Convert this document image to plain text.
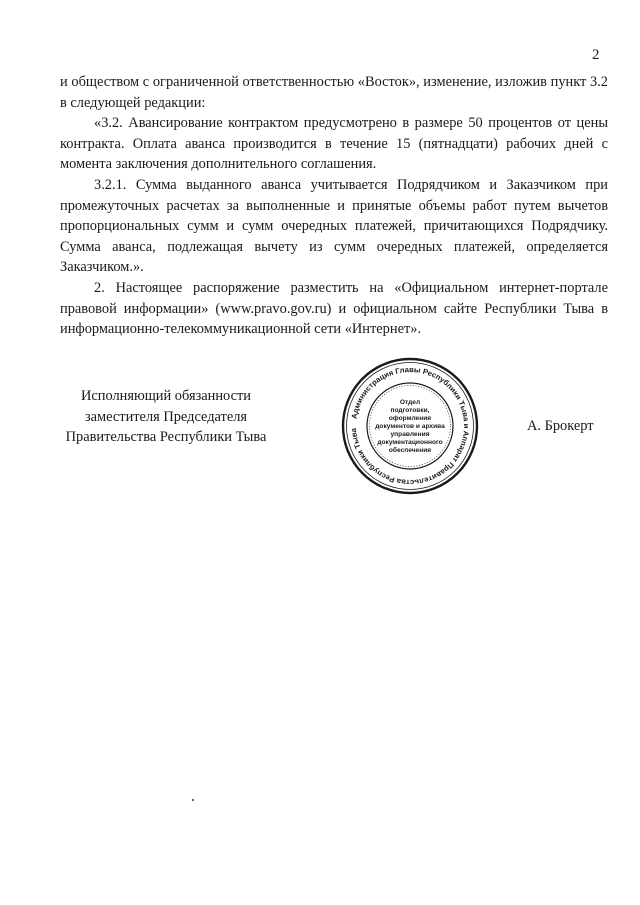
2

и обществом с ограниченной ответственностью «Восток», изменение, изложив пункт 3.2 в следующей редакции:

«3.2. Авансирование контрактом предусмотрено в размере 50 процентов от цены контракта. Оплата аванса производится в течение 15 (пятнадцати) рабочих дней с момента заключения дополнительного соглашения.

3.2.1. Сумма выданного аванса учитывается Подрядчиком и Заказчиком при промежуточных расчетах за выполненные и принятые объемы работ путем вычетов пропорциональных сумм и сумм очередных платежей, причитающихся Подрядчику. Сумма аванса, подлежащая вычету из сумм очередных платежей, определяется Заказчиком.».

2. Настоящее распоряжение разместить на «Официальном интернет-портале правовой информации» (www.pravo.gov.ru) и официальном сайте Республики Тыва в информационно-телекоммуникационной сети «Интернет».

Исполняющий обязанности
заместителя Председателя
Правительства Республики Тыва
Администрация Главы Республики Тыва и Аппарат Правительства Республики Тыва
Отдел
подготовки,
оформления
документов и архива
управления
документационного
обеспечения
А. Брокерт
